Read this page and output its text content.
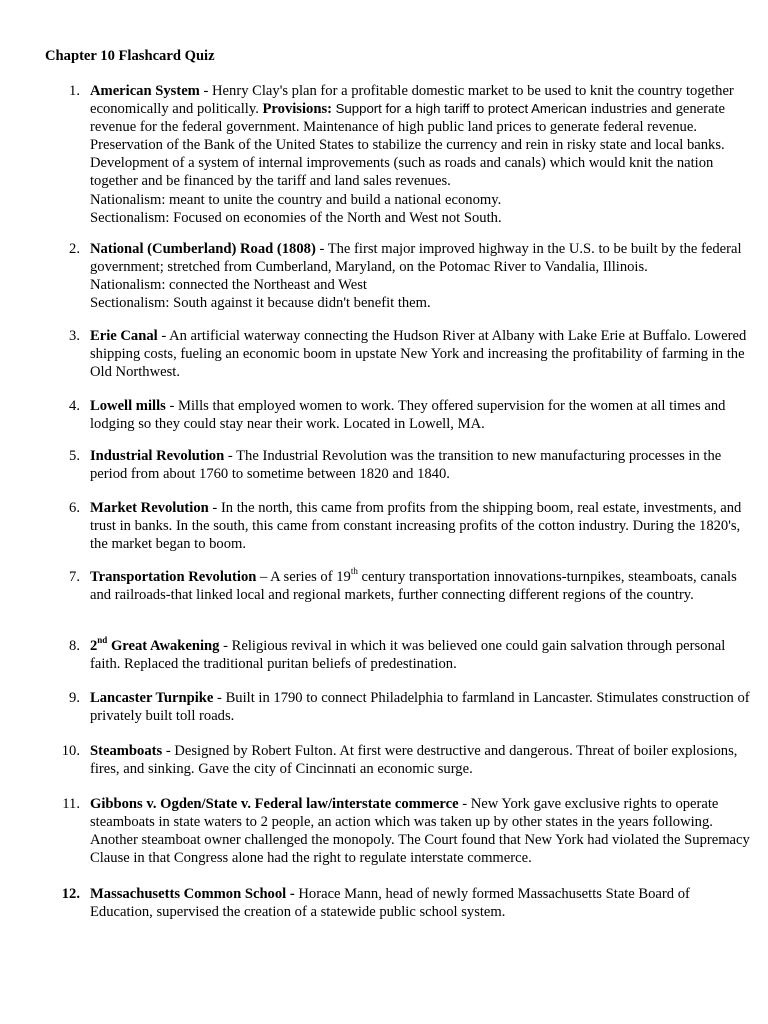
Chapter 10 Flashcard Quiz
1. American System - Henry Clay's plan for a profitable domestic market to be used to knit the country together economically and politically. Provisions: Support for a high tariff to protect American industries and generate revenue for the federal government. Maintenance of high public land prices to generate federal revenue. Preservation of the Bank of the United States to stabilize the currency and rein in risky state and local banks. Development of a system of internal improvements (such as roads and canals) which would knit the nation together and be financed by the tariff and land sales revenues.
Nationalism: meant to unite the country and build a national economy.
Sectionalism: Focused on economies of the North and West not South.
2. National (Cumberland) Road (1808) - The first major improved highway in the U.S. to be built by the federal government; stretched from Cumberland, Maryland, on the Potomac River to Vandalia, Illinois.
Nationalism: connected the Northeast and West
Sectionalism: South against it because didn't benefit them.
3. Erie Canal - An artificial waterway connecting the Hudson River at Albany with Lake Erie at Buffalo. Lowered shipping costs, fueling an economic boom in upstate New York and increasing the profitability of farming in the Old Northwest.
4. Lowell mills - Mills that employed women to work. They offered supervision for the women at all times and lodging so they could stay near their work. Located in Lowell, MA.
5. Industrial Revolution - The Industrial Revolution was the transition to new manufacturing processes in the period from about 1760 to sometime between 1820 and 1840.
6. Market Revolution - In the north, this came from profits from the shipping boom, real estate, investments, and trust in banks. In the south, this came from constant increasing profits of the cotton industry. During the 1820's, the market began to boom.
7. Transportation Revolution – A series of 19th century transportation innovations-turnpikes, steamboats, canals and railroads-that linked local and regional markets, further connecting different regions of the country.
8. 2nd Great Awakening - Religious revival in which it was believed one could gain salvation through personal faith. Replaced the traditional puritan beliefs of predestination.
9. Lancaster Turnpike - Built in 1790 to connect Philadelphia to farmland in Lancaster. Stimulates construction of privately built toll roads.
10. Steamboats - Designed by Robert Fulton. At first were destructive and dangerous. Threat of boiler explosions, fires, and sinking. Gave the city of Cincinnati an economic surge.
11. Gibbons v. Ogden/State v. Federal law/interstate commerce - New York gave exclusive rights to operate steamboats in state waters to 2 people, an action which was taken up by other states in the years following. Another steamboat owner challenged the monopoly. The Court found that New York had violated the Supremacy Clause in that Congress alone had the right to regulate interstate commerce.
12. Massachusetts Common School - Horace Mann, head of newly formed Massachusetts State Board of Education, supervised the creation of a statewide public school system.
